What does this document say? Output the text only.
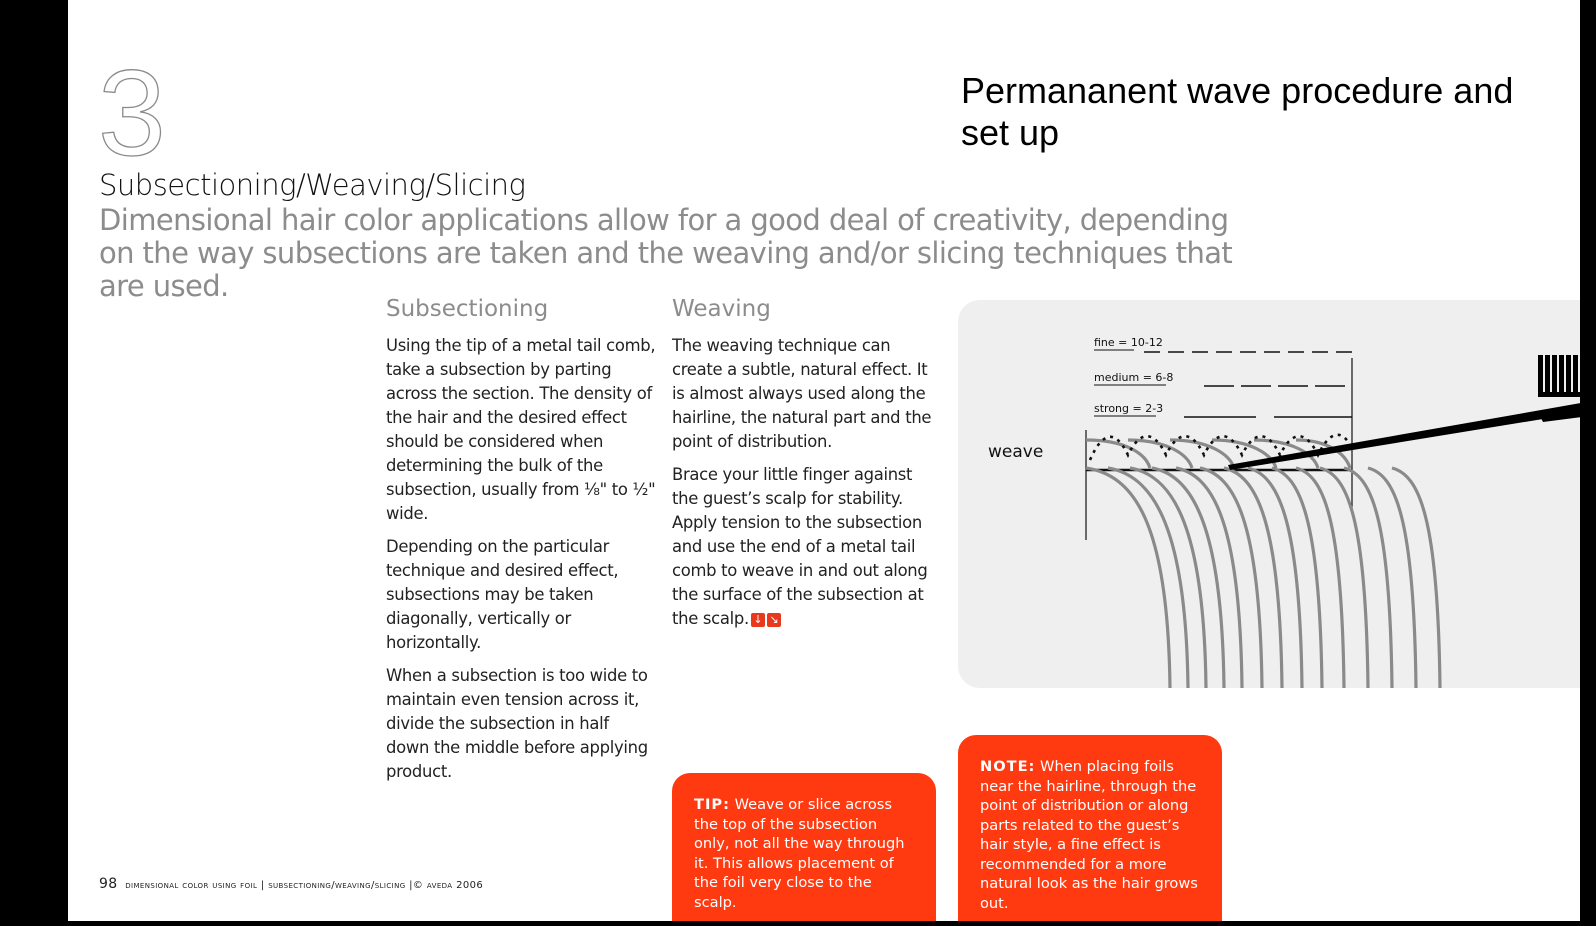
3	Permananent wave procedure and set up
Subsectioning/Weaving/Slicing
Dimensional hair color applications allow for a good deal of creativity, depending on the way subsections are taken and the weaving and/or slicing techniques that are used.
Subsectioning

Using the tip of a metal tail comb, take a subsection by parting across the section. The density of the hair and the desired effect should be considered when determining the bulk of the subsection, usually from ⅛" to ½" wide.

Depending on the particular technique and desired effect, subsections may be taken diagonally, vertically or horizontally.

When a subsection is too wide to maintain even tension across it, divide the subsection in half down the middle before applying product.

Weaving

The weaving technique can create a subtle, natural effect. It is almost always used along the hairline, the natural part and the point of distribution.

Brace your little finger against the guest’s scalp for stability. Apply tension to the subsection and use the end of a metal tail comb to weave in and out along the surface of the subsection at the scalp. ↓ ↘

fine = 10-12
medium = 6-8
strong = 2-3
weave
TIP: Weave or slice across the top of the subsection only, not all the way through it. This allows placement of the foil very close to the scalp.
NOTE: When placing foils near the hairline, through the point of distribution or along parts related to the guest’s hair style, a fine effect is recommended for a more natural look as the hair grows out.
98 dimensional color using foil | subsectioning/weaving/slicing |© aveda 2006
